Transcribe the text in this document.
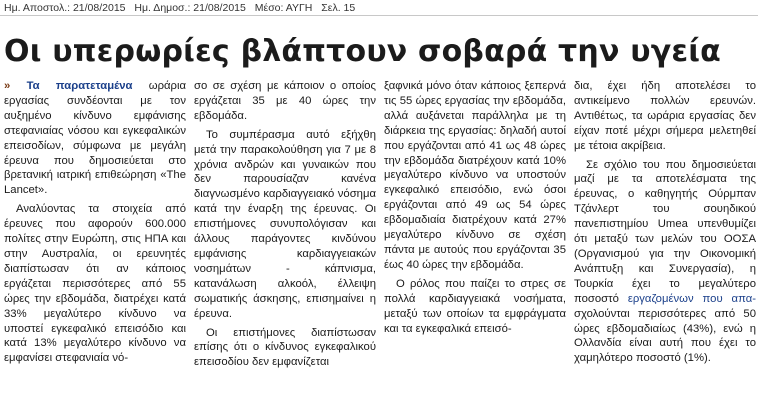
Ημ. Αποστολ.: 21/08/2015 Ημ. Δημοσ.: 21/08/2015 Μέσο: ΑΥΓΗ Σελ. 15
Οι υπερωρίες βλάπτουν σοβαρά την υγεία

» Τα παρατεταμένα ωράρια εργασίας συνδέονται με τον αυξημένο κίνδυνο εμφάνισης στεφανιαίας νόσου και εγκεφαλικών επεισοδίων, σύμφωνα με μεγάλη έρευνα που δημοσιεύεται στο βρετανική ιατρική επιθεώρηση «The Lancet».

Αναλύοντας τα στοιχεία από έρευνες που αφορούν 600.000 πολίτες στην Ευρώπη, στις ΗΠΑ και στην Αυστραλία, οι ερευνητές διαπίστωσαν ότι αν κάποιος εργάζεται περισσότερες από 55 ώρες την εβδομάδα, διατρέχει κατά 33% μεγαλύτερο κίνδυνο να υποστεί εγκεφαλικό επεισόδιο και κατά 13% μεγαλύτερο κίνδυνο να εμφανίσει στεφανιαία νό-

σο σε σχέση με κάποιον ο οποίος εργάζεται 35 με 40 ώρες την εβδομάδα.

Το συμπέρασμα αυτό εξήχθη μετά την παρακολούθηση για 7 με 8 χρόνια ανδρών και γυναικών που δεν παρουσίαζαν κανένα διαγνωσμένο καρδιαγγειακό νόσημα κατά την έναρξη της έρευνας. Οι επιστήμονες συνυπολόγισαν και άλλους παράγοντες κινδύνου εμφάνισης καρδιαγγειακών νοσημάτων - κάπνισμα, κατανάλωση αλκοόλ, έλλειψη σωματικής άσκησης, επισημαίνει η έρευνα.

Οι επιστήμονες διαπίστωσαν επίσης ότι ο κίνδυνος εγκεφαλικού επεισοδίου δεν εμφανίζεται

ξαφνικά μόνο όταν κάποιος ξεπερνά τις 55 ώρες εργασίας την εβδομάδα, αλλά αυξάνεται παράλληλα με τη διάρκεια της εργασίας: δηλαδή αυτοί που εργάζονται από 41 ως 48 ώρες την εβδομάδα διατρέχουν κατά 10% μεγαλύτερο κίνδυνο να υποστούν εγκεφαλικό επεισόδιο, ενώ όσοι εργάζονται από 49 ως 54 ώρες εβδομαδιαία διατρέχουν κατά 27% μεγαλύτερο κίνδυνο σε σχέση πάντα με αυτούς που εργάζονται 35 έως 40 ώρες την εβδομάδα.

Ο ρόλος που παίζει το στρες σε πολλά καρδιαγγειακά νοσήματα, μεταξύ των οποίων τα εμφράγματα και τα εγκεφαλικά επεισό-

δια, έχει ήδη αποτελέσει το αντικείμενο πολλών ερευνών. Αντιθέτως, τα ωράρια εργασίας δεν είχαν ποτέ μέχρι σήμερα μελετηθεί με τέτοια ακρίβεια.

Σε σχόλιο του που δημοσιεύεται μαζί με τα αποτελέσματα της έρευνας, ο καθηγητής Ούρμπαν Τζάνλερτ του σουηδικού πανεπιστημίου Umea υπενθυμίζει ότι μεταξύ των μελών του ΟΟΣΑ (Οργανισμού για την Οικονομική Ανάπτυξη και Συνεργασία), η Τουρκία έχει το μεγαλύτερο ποσοστό εργαζομένων που απα- σχολούνται περισσότερες από 50 ώρες εβδομαδιαίως (43%), ενώ η Ολλανδία είναι αυτή που έχει το χαμηλότερο ποσοστό (1%).
